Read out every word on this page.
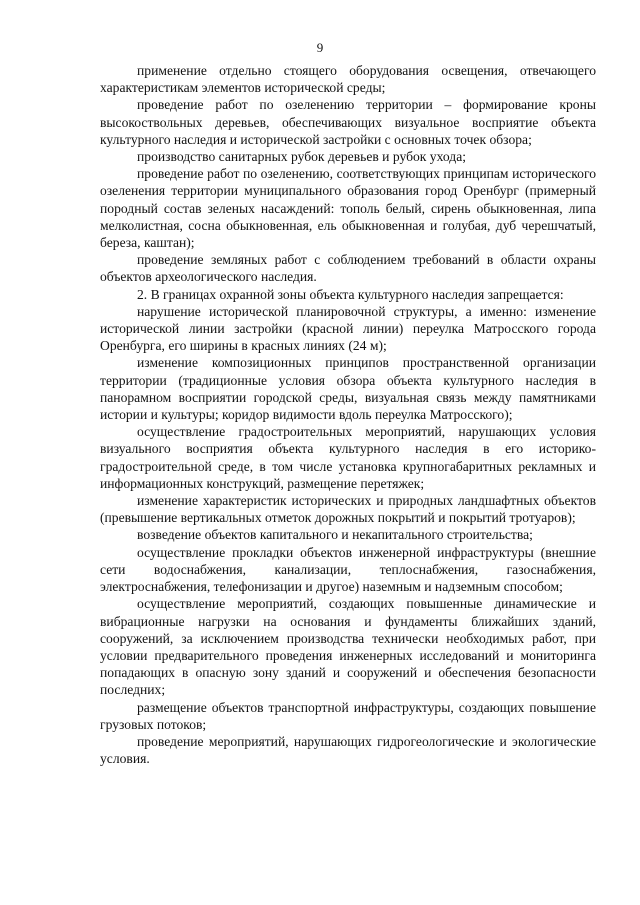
9

применение отдельно стоящего оборудования освещения, отвечающего характеристикам элементов исторической среды;

проведение работ по озеленению территории – формирование кроны высокоствольных деревьев, обеспечивающих визуальное восприятие объекта культурного наследия и исторической застройки с основных точек обзора;

производство санитарных рубок деревьев и рубок ухода;

проведение работ по озеленению, соответствующих принципам исторического озеленения территории муниципального образования город Оренбург (примерный породный состав зеленых насаждений: тополь белый, сирень обыкновенная, липа мелколистная, сосна обыкновенная, ель обыкновенная и голубая, дуб черешчатый, береза, каштан);

проведение земляных работ с соблюдением требований в области охраны объектов археологического наследия.

2. В границах охранной зоны объекта культурного наследия запрещается:

нарушение исторической планировочной структуры, а именно: изменение исторической линии застройки (красной линии) переулка Матросского города Оренбурга, его ширины в красных линиях (24 м);

изменение композиционных принципов пространственной организации территории (традиционные условия обзора объекта культурного наследия в панорамном восприятии городской среды, визуальная связь между памятниками истории и культуры; коридор видимости вдоль переулка Матросского);

осуществление градостроительных мероприятий, нарушающих условия визуального восприятия объекта культурного наследия в его историко-градостроительной среде, в том числе установка крупногабаритных рекламных и информационных конструкций, размещение перетяжек;

изменение характеристик исторических и природных ландшафтных объектов (превышение вертикальных отметок дорожных покрытий и покрытий тротуаров);

возведение объектов капитального и некапитального строительства;

осуществление прокладки объектов инженерной инфраструктуры (внешние сети водоснабжения, канализации, теплоснабжения, газоснабжения, электроснабжения, телефонизации и другое) наземным и надземным способом;

осуществление мероприятий, создающих повышенные динамические и вибрационные нагрузки на основания и фундаменты ближайших зданий, сооружений, за исключением производства технически необходимых работ, при условии предварительного проведения инженерных исследований и мониторинга попадающих в опасную зону зданий и сооружений и обеспечения безопасности последних;

размещение объектов транспортной инфраструктуры, создающих повышение грузовых потоков;

проведение мероприятий, нарушающих гидрогеологические и экологические условия.
